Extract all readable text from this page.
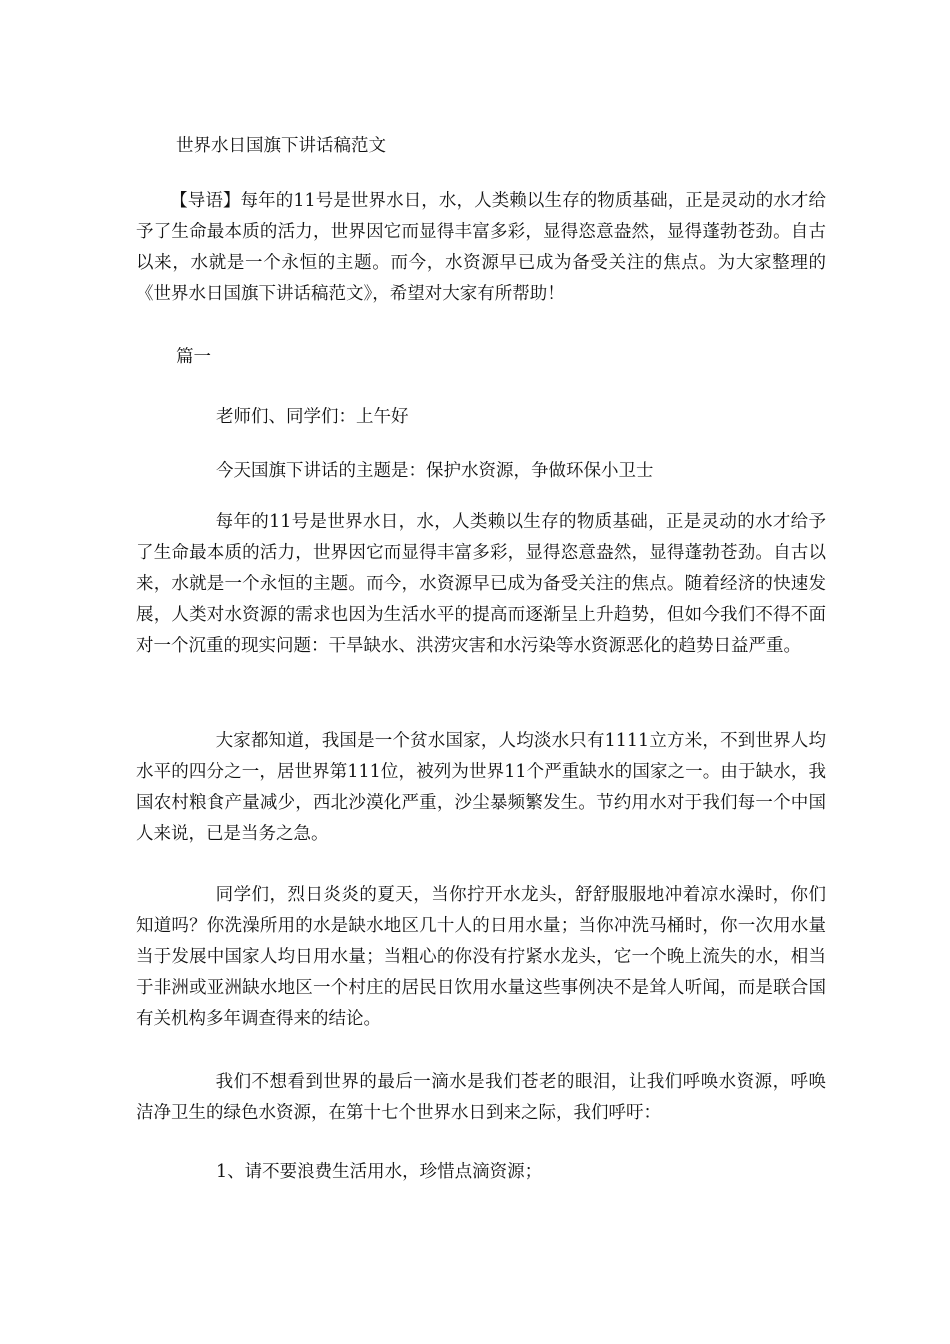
世界水日国旗下讲话稿范文

【导语】每年的11号是世界水日，水，人类赖以生存的物质基础，正是灵动的水才给予了生命最本质的活力，世界因它而显得丰富多彩，显得恣意盎然，显得蓬勃苍劲。自古以来，水就是一个永恒的主题。而今，水资源早已成为备受关注的焦点。为大家整理的《世界水日国旗下讲话稿范文》，希望对大家有所帮助！

篇一
老师们、同学们：上午好
今天国旗下讲话的主题是：保护水资源，争做环保小卫士

每年的11号是世界水日，水，人类赖以生存的物质基础，正是灵动的水才给予了生命最本质的活力，世界因它而显得丰富多彩，显得恣意盎然，显得蓬勃苍劲。自古以来，水就是一个永恒的主题。而今，水资源早已成为备受关注的焦点。随着经济的快速发展，人类对水资源的需求也因为生活水平的提高而逐渐呈上升趋势，但如今我们不得不面对一个沉重的现实问题：干旱缺水、洪涝灾害和水污染等水资源恶化的趋势日益严重。

大家都知道，我国是一个贫水国家，人均淡水只有1111立方米，不到世界人均水平的四分之一，居世界第111位，被列为世界11个严重缺水的国家之一。由于缺水，我国农村粮食产量减少，西北沙漠化严重，沙尘暴频繁发生。节约用水对于我们每一个中国人来说，已是当务之急。

同学们，烈日炎炎的夏天，当你拧开水龙头，舒舒服服地冲着凉水澡时，你们知道吗？你洗澡所用的水是缺水地区几十人的日用水量；当你冲洗马桶时，你一次用水量当于发展中国家人均日用水量；当粗心的你没有拧紧水龙头，它一个晚上流失的水，相当于非洲或亚洲缺水地区一个村庄的居民日饮用水量这些事例决不是耸人听闻，而是联合国有关机构多年调查得来的结论。

我们不想看到世界的最后一滴水是我们苍老的眼泪，让我们呼唤水资源，呼唤洁净卫生的绿色水资源，在第十七个世界水日到来之际，我们呼吁：

1、请不要浪费生活用水，珍惜点滴资源；
